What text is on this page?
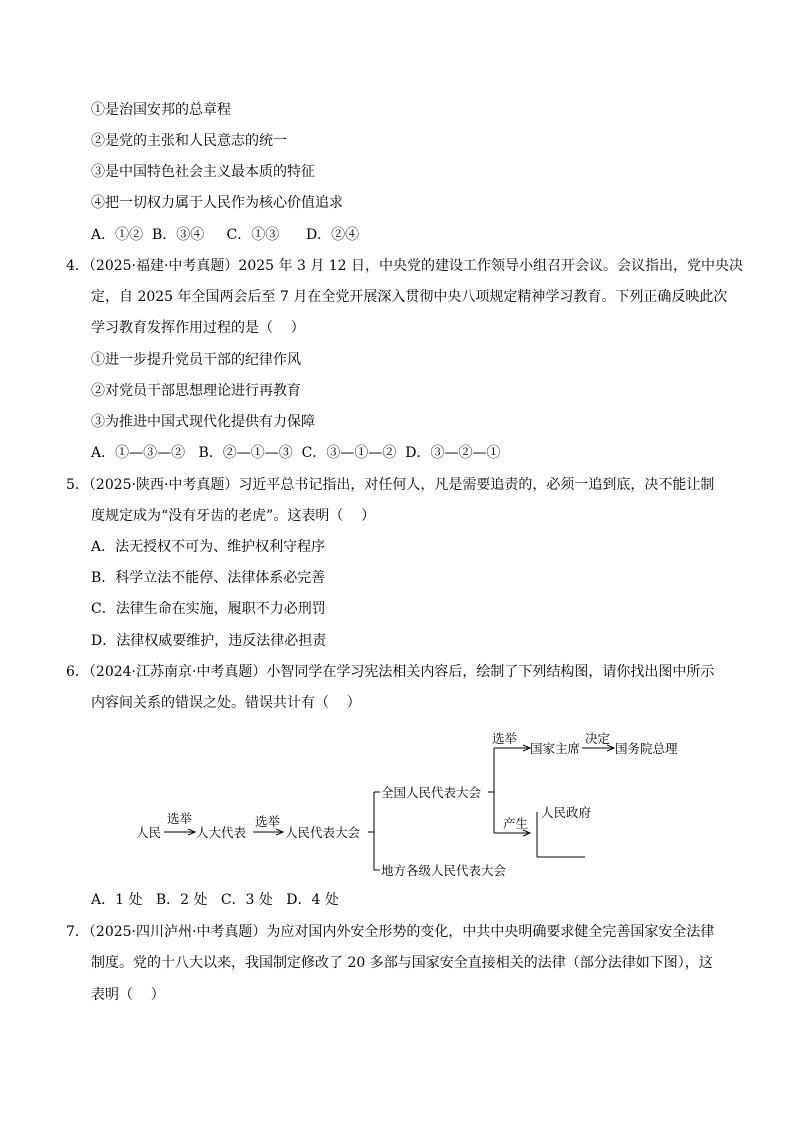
①是治国安邦的总章程
②是党的主张和人民意志的统一
③是中国特色社会主义最本质的特征
④把一切权力属于人民作为核心价值追求
A．①②  B．③④     C．①③      D．②④
4．（2025·福建·中考真题）2025 年 3 月 12 日，中央党的建设工作领导小组召开会议。会议指出，党中央决
定，自 2025 年全国两会后至 7 月在全党开展深入贯彻中央八项规定精神学习教育。下列正确反映此次
学习教育发挥作用过程的是（    ）
①进一步提升党员干部的纪律作风
②对党员干部思想理论进行再教育
③为推进中国式现代化提供有力保障
A．①—③—②   B．②—①—③  C．③—①—②  D．③—②—①
5．（2025·陕西·中考真题）习近平总书记指出，对任何人，凡是需要追责的，必须一追到底，决不能让制
度规定成为“没有牙齿的老虎”。这表明（    ）
A．法无授权不可为、维护权利守程序
B．科学立法不能停、法律体系必完善
C．法律生命在实施，履职不力必刑罚
D．法律权威要维护，违反法律必担责
6．（2024·江苏南京·中考真题）小智同学在学习宪法相关内容后，绘制了下列结构图，请你找出图中所示
内容间关系的错误之处。错误共计有（    ）
人民
选举
人大代表
选举
人民代表大会
全国人民代表大会
地方各级人民代表大会
选举
国家主席
决定
国务院总理
产生
人民政府
A．1 处   B．2 处   C．3 处   D．4 处
7．（2025·四川泸州·中考真题）为应对国内外安全形势的变化，中共中央明确要求健全完善国家安全法律
制度。党的十八大以来，我国制定修改了 20 多部与国家安全直接相关的法律（部分法律如下图），这
表明（    ）
